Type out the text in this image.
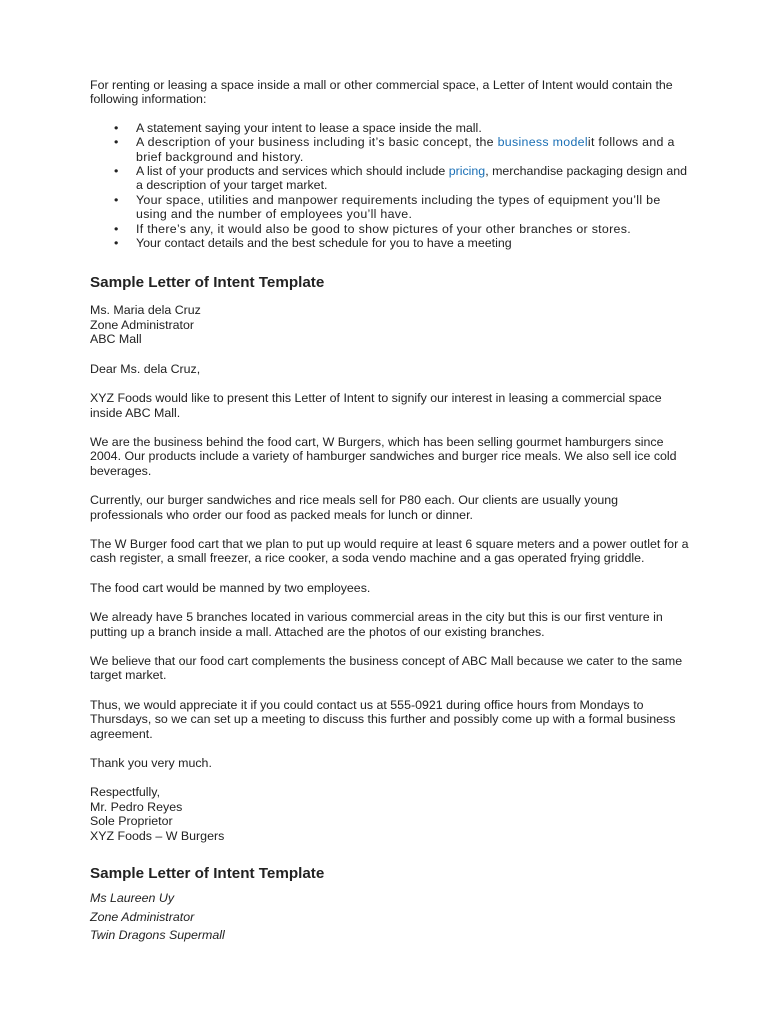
For renting or leasing a space inside a mall or other commercial space, a Letter of Intent would contain the following information:

• A statement saying your intent to lease a space inside the mall.
• A description of your business including it’s basic concept, the business modelit follows and a brief background and history.
• A list of your products and services which should include pricing, merchandise packaging design and a description of your target market.
• Your space, utilities and manpower requirements including the types of equipment you’ll be using and the number of employees you’ll have.
• If there’s any, it would also be good to show pictures of your other branches or stores.
• Your contact details and the best schedule for you to have a meeting
Sample Letter of Intent Template

Ms. Maria dela Cruz

Zone Administrator

ABC Mall

Dear Ms. dela Cruz,

XYZ Foods would like to present this Letter of Intent to signify our interest in leasing a commercial space inside ABC Mall.

We are the business behind the food cart, W Burgers, which has been selling gourmet hamburgers since 2004. Our products include a variety of hamburger sandwiches and burger rice meals. We also sell ice cold beverages.

Currently, our burger sandwiches and rice meals sell for P80 each. Our clients are usually young professionals who order our food as packed meals for lunch or dinner.

The W Burger food cart that we plan to put up would require at least 6 square meters and a power outlet for a cash register, a small freezer, a rice cooker, a soda vendo machine and a gas operated frying griddle.

The food cart would be manned by two employees.

We already have 5 branches located in various commercial areas in the city but this is our first venture in putting up a branch inside a mall. Attached are the photos of our existing branches.

We believe that our food cart complements the business concept of ABC Mall because we cater to the same target market.

Thus, we would appreciate it if you could contact us at 555-0921 during office hours from Mondays to Thursdays, so we can set up a meeting to discuss this further and possibly come up with a formal business agreement.

Thank you very much.

Respectfully,

Mr. Pedro Reyes

Sole Proprietor

XYZ Foods – W Burgers

Sample Letter of Intent Template

Ms Laureen Uy

Zone Administrator

Twin Dragons Supermall
